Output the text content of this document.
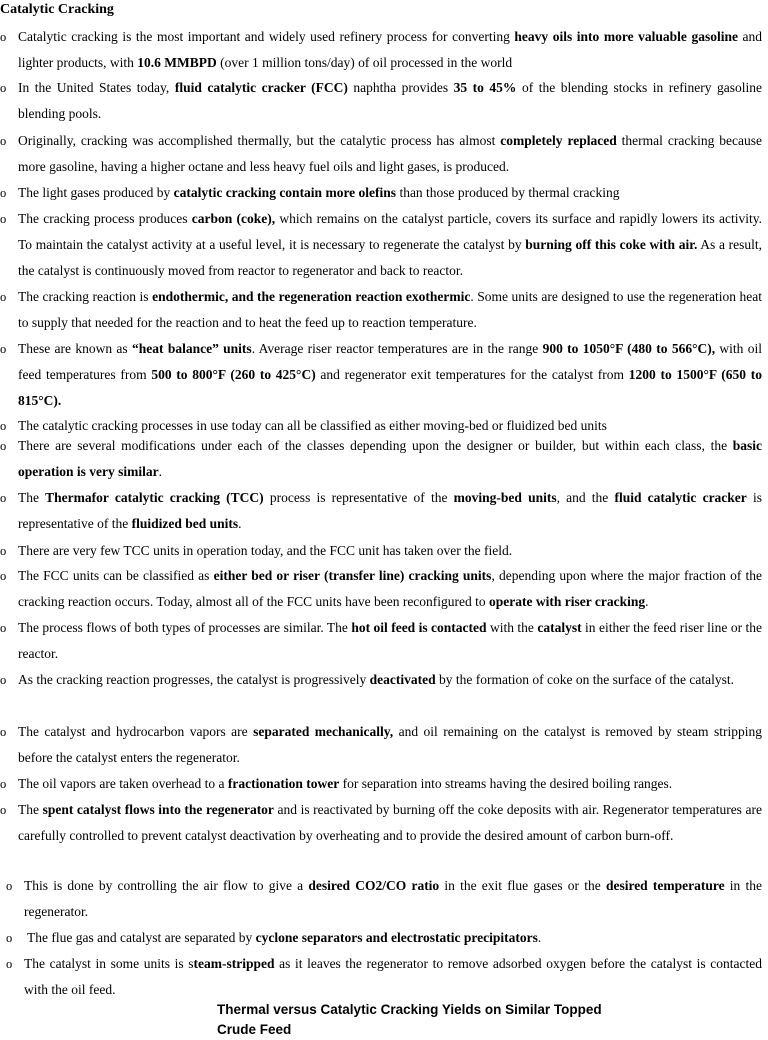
Catalytic Cracking
o Catalytic cracking is the most important and widely used refinery process for converting heavy oils into more valuable gasoline and lighter products, with 10.6 MMBPD (over 1 million tons/day) of oil processed in the world
o In the United States today, fluid catalytic cracker (FCC) naphtha provides 35 to 45% of the blending stocks in refinery gasoline blending pools.
o Originally, cracking was accomplished thermally, but the catalytic process has almost completely replaced thermal cracking because more gasoline, having a higher octane and less heavy fuel oils and light gases, is produced.
o The light gases produced by catalytic cracking contain more olefins than those produced by thermal cracking
o The cracking process produces carbon (coke), which remains on the catalyst particle, covers its surface and rapidly lowers its activity. To maintain the catalyst activity at a useful level, it is necessary to regenerate the catalyst by burning off this coke with air. As a result, the catalyst is continuously moved from reactor to regenerator and back to reactor.
o The cracking reaction is endothermic, and the regeneration reaction exothermic. Some units are designed to use the regeneration heat to supply that needed for the reaction and to heat the feed up to reaction temperature.
o These are known as “heat balance” units. Average riser reactor temperatures are in the range 900 to 1050°F (480 to 566°C), with oil feed temperatures from 500 to 800°F (260 to 425°C) and regenerator exit temperatures for the catalyst from 1200 to 1500°F (650 to 815°C).
o The catalytic cracking processes in use today can all be classified as either moving-bed or fluidized bed units
o There are several modifications under each of the classes depending upon the designer or builder, but within each class, the basic operation is very similar.
o The Thermafor catalytic cracking (TCC) process is representative of the moving-bed units, and the fluid catalytic cracker is representative of the fluidized bed units.
o There are very few TCC units in operation today, and the FCC unit has taken over the field.
o The FCC units can be classified as either bed or riser (transfer line) cracking units, depending upon where the major fraction of the cracking reaction occurs. Today, almost all of the FCC units have been reconfigured to operate with riser cracking.
o The process flows of both types of processes are similar. The hot oil feed is contacted with the catalyst in either the feed riser line or the reactor.
o As the cracking reaction progresses, the catalyst is progressively deactivated by the formation of coke on the surface of the catalyst.
o The catalyst and hydrocarbon vapors are separated mechanically, and oil remaining on the catalyst is removed by steam stripping before the catalyst enters the regenerator.
o The oil vapors are taken overhead to a fractionation tower for separation into streams having the desired boiling ranges.
o The spent catalyst flows into the regenerator and is reactivated by burning off the coke deposits with air. Regenerator temperatures are carefully controlled to prevent catalyst deactivation by overheating and to provide the desired amount of carbon burn-off.
o This is done by controlling the air flow to give a desired CO2/CO ratio in the exit flue gases or the desired temperature in the regenerator.
o The flue gas and catalyst are separated by cyclone separators and electrostatic precipitators.
o The catalyst in some units is steam-stripped as it leaves the regenerator to remove adsorbed oxygen before the catalyst is contacted with the oil feed.
Thermal versus Catalytic Cracking Yields on Similar Topped Crude Feed
